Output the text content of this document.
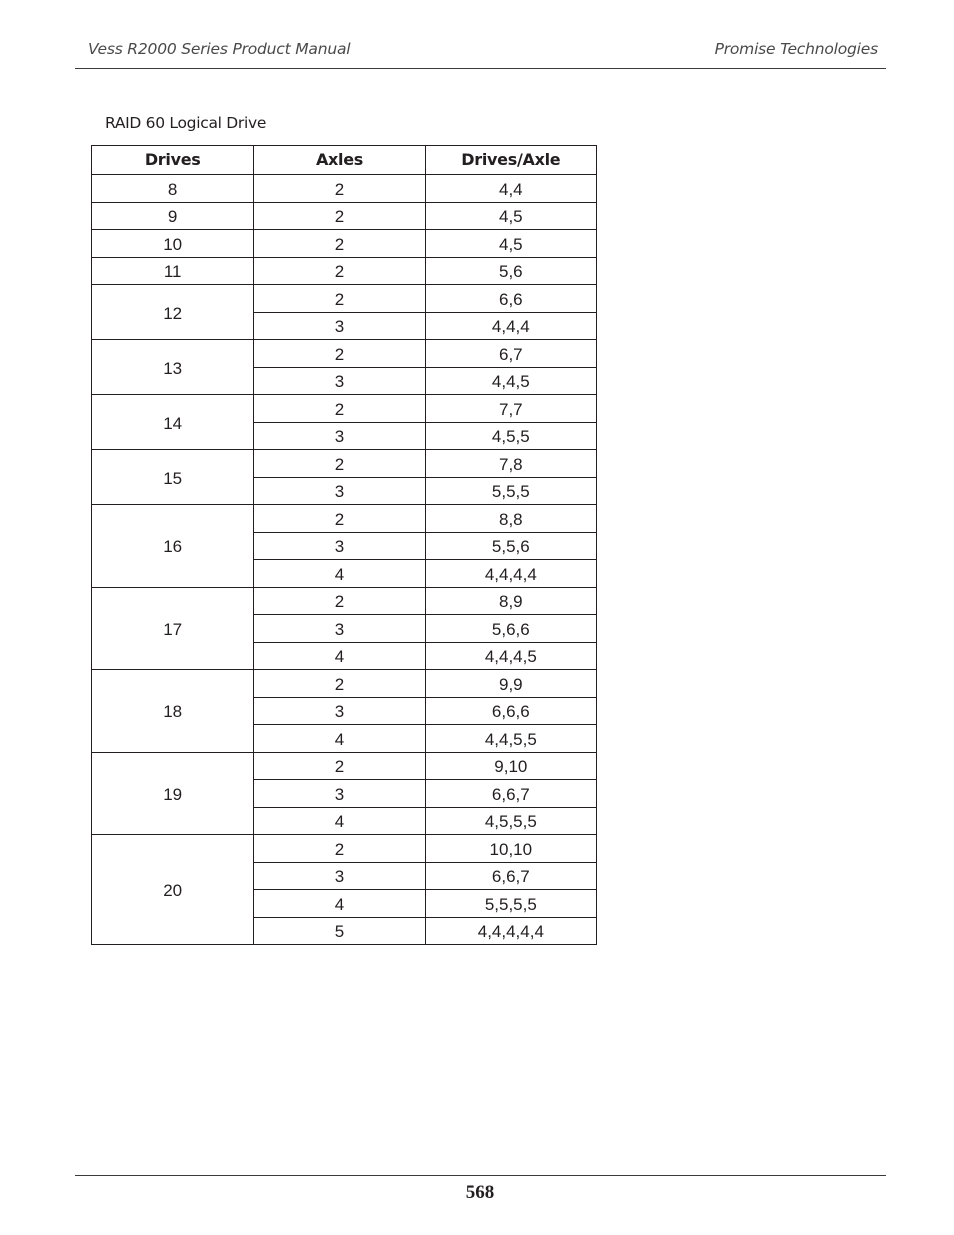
Vess R2000 Series Product Manual	Promise Technologies
RAID 60 Logical Drive
Drives	Axles	Drives/Axle
8	2	4,4
9	2	4,5
10	2	4,5
11	2	5,6
12	2	6,6
	3	4,4,4
13	2	6,7
	3	4,4,5
14	2	7,7
	3	4,5,5
15	2	7,8
	3	5,5,5
16	2	8,8
	3	5,5,6
	4	4,4,4,4
17	2	8,9
	3	5,6,6
	4	4,4,4,5
18	2	9,9
	3	6,6,6
	4	4,4,5,5
19	2	9,10
	3	6,6,7
	4	4,5,5,5
20	2	10,10
	3	6,6,7
	4	5,5,5,5
	5	4,4,4,4,4
568
